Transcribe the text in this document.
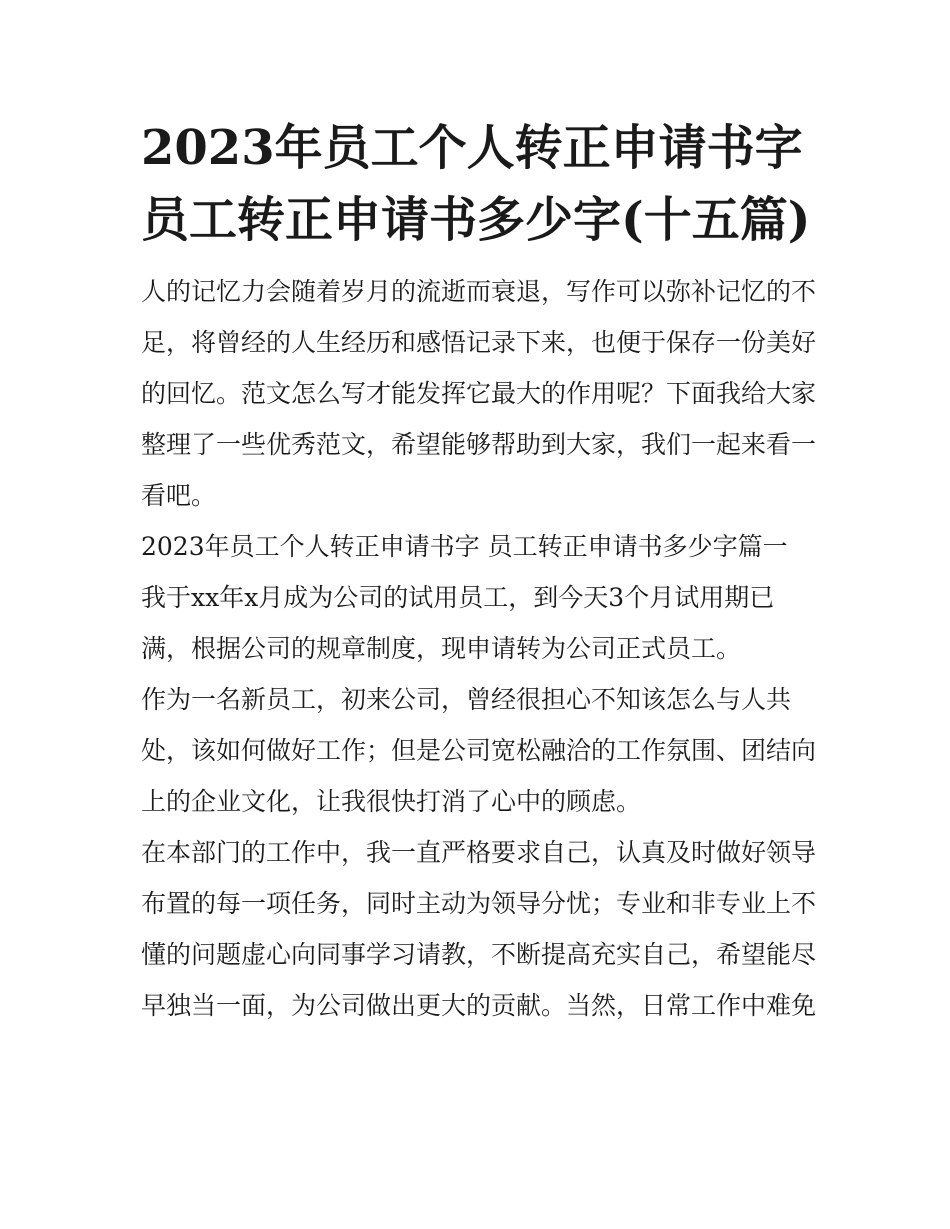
2023年员工个人转正申请书字 员工转正申请书多少字(十五篇)

人的记忆力会随着岁月的流逝而衰退，写作可以弥补记忆的不足，将曾经的人生经历和感悟记录下来，也便于保存一份美好的回忆。范文怎么写才能发挥它最大的作用呢？下面我给大家整理了一些优秀范文，希望能够帮助到大家，我们一起来看一看吧。

2023年员工个人转正申请书字 员工转正申请书多少字篇一

我于xx年x月成为公司的试用员工，到今天3个月试用期已满，根据公司的规章制度，现申请转为公司正式员工。

作为一名新员工，初来公司，曾经很担心不知该怎么与人共处，该如何做好工作；但是公司宽松融洽的工作氛围、团结向上的企业文化，让我很快打消了心中的顾虑。

在本部门的工作中，我一直严格要求自己，认真及时做好领导布置的每一项任务，同时主动为领导分忧；专业和非专业上不懂的问题虚心向同事学习请教，不断提高充实自己，希望能尽早独当一面，为公司做出更大的贡献。当然，日常工作中难免
